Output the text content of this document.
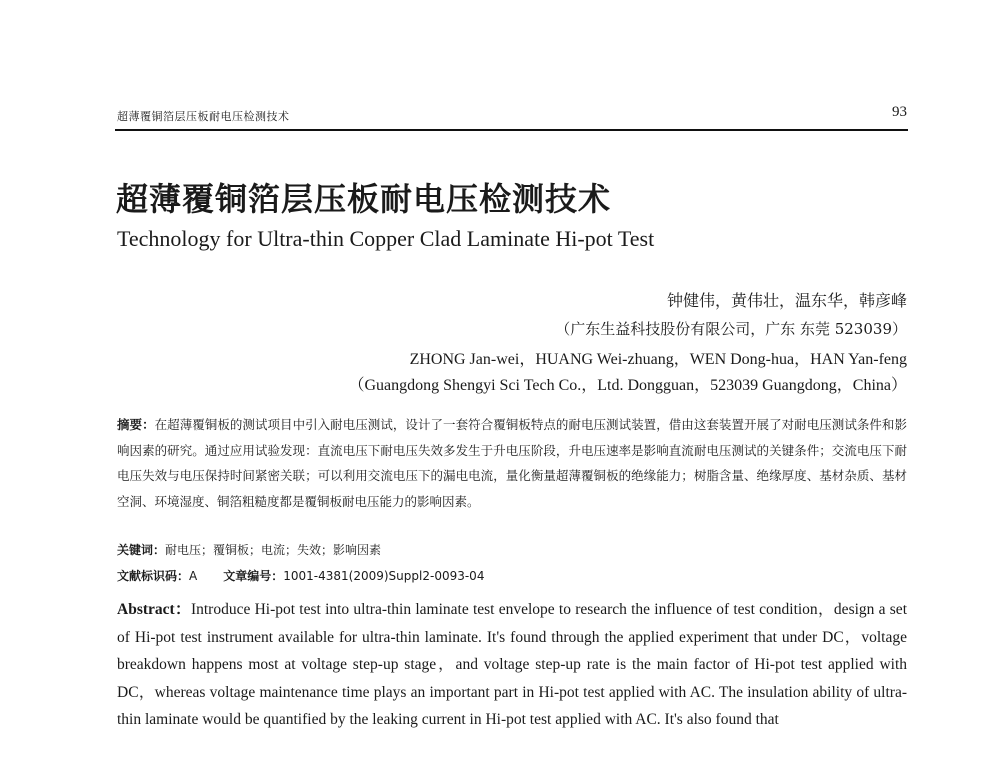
超薄覆铜箔层压板耐电压检测技术	93
超薄覆铜箔层压板耐电压检测技术
Technology for Ultra-thin Copper Clad Laminate Hi-pot Test
钟健伟，黄伟壮，温东华，韩彦峰
（广东生益科技股份有限公司，广东 东莞 523039）
ZHONG Jan-wei，HUANG Wei-zhuang，WEN Dong-hua，HAN Yan-feng
（Guangdong Shengyi Sci Tech Co.，Ltd. Dongguan，523039 Guangdong，China）
摘要：在超薄覆铜板的测试项目中引入耐电压测试，设计了一套符合覆铜板特点的耐电压测试装置，借由这套装置开展了对耐电压测试条件和影响因素的研究。通过应用试验发现：直流电压下耐电压失效多发生于升电压阶段，升电压速率是影响直流耐电压测试的关键条件；交流电压下耐电压失效与电压保持时间紧密关联；可以利用交流电压下的漏电电流，量化衡量超薄覆铜板的绝缘能力；树脂含量、绝缘厚度、基材杂质、基材空洞、环境湿度、铜箔粗糙度都是覆铜板耐电压能力的影响因素。
关键词：耐电压；覆铜板；电流；失效；影响因素
文献标识码：A 文章编号：1001-4381(2009)Suppl2-0093-04
Abstract：Introduce Hi-pot test into ultra-thin laminate test envelope to research the influence of test condition，design a set of Hi-pot test instrument available for ultra-thin laminate. It's found through the applied experiment that under DC，voltage breakdown happens most at voltage step-up stage，and voltage step-up rate is the main factor of Hi-pot test applied with DC，whereas voltage maintenance time plays an important part in Hi-pot test applied with AC. The insulation ability of ultra-thin laminate would be quantified by the leaking current in Hi-pot test applied with AC. It's also found that
